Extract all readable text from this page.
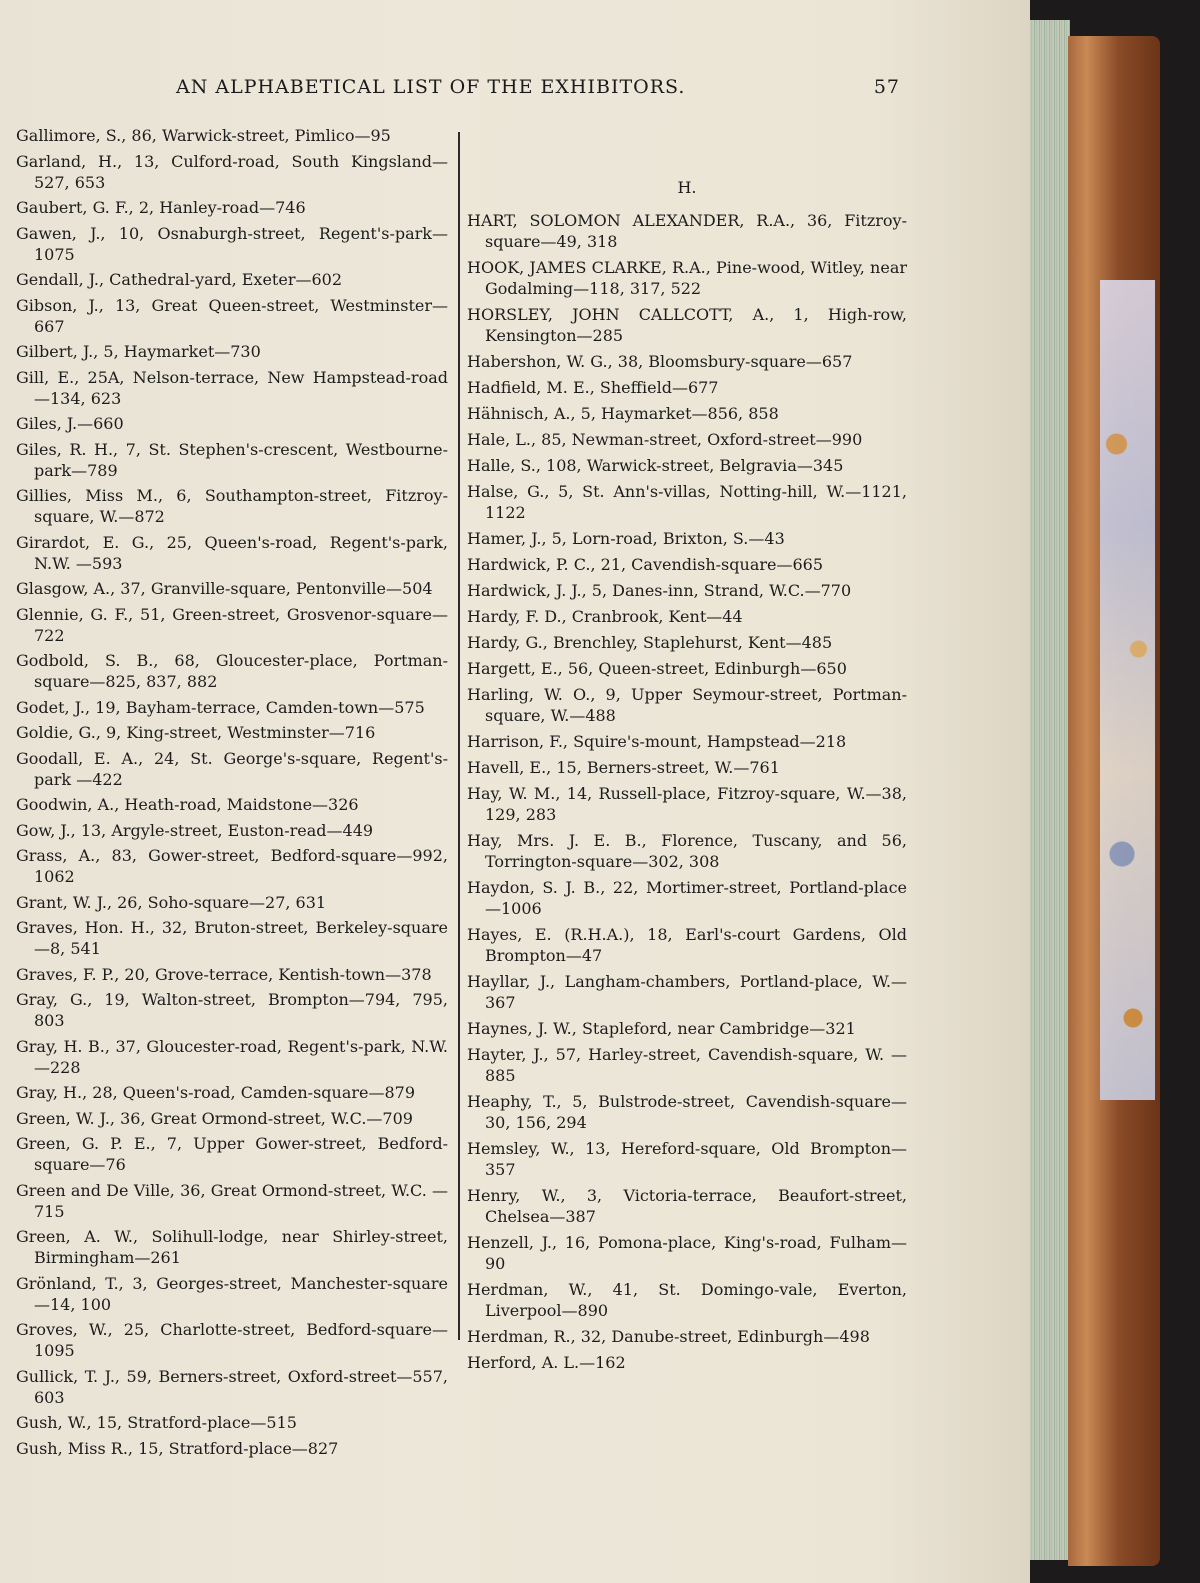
AN ALPHABETICAL LIST OF THE EXHIBITORS.	57
Gallimore, S., 86, Warwick-street, Pimlico—95
Garland, H., 13, Culford-road, South Kingsland—527, 653
Gaubert, G. F., 2, Hanley-road—746
Gawen, J., 10, Osnaburgh-street, Regent's-park—1075
Gendall, J., Cathedral-yard, Exeter—602
Gibson, J., 13, Great Queen-street, Westminster—667
Gilbert, J., 5, Haymarket—730
Gill, E., 25A, Nelson-terrace, New Hampstead-road—134, 623
Giles, J.—660
Giles, R. H., 7, St. Stephen's-crescent, Westbourne-park—789
Gillies, Miss M., 6, Southampton-street, Fitzroy-square, W.—872
Girardot, E. G., 25, Queen's-road, Regent's-park, N.W. —593
Glasgow, A., 37, Granville-square, Pentonville—504
Glennie, G. F., 51, Green-street, Grosvenor-square—722
Godbold, S. B., 68, Gloucester-place, Portman-square—825, 837, 882
Godet, J., 19, Bayham-terrace, Camden-town—575
Goldie, G., 9, King-street, Westminster—716
Goodall, E. A., 24, St. George's-square, Regent's-park —422
Goodwin, A., Heath-road, Maidstone—326
Gow, J., 13, Argyle-street, Euston-read—449
Grass, A., 83, Gower-street, Bedford-square—992, 1062
Grant, W. J., 26, Soho-square—27, 631
Graves, Hon. H., 32, Bruton-street, Berkeley-square—8, 541
Graves, F. P., 20, Grove-terrace, Kentish-town—378
Gray, G., 19, Walton-street, Brompton—794, 795, 803
Gray, H. B., 37, Gloucester-road, Regent's-park, N.W.—228
Gray, H., 28, Queen's-road, Camden-square—879
Green, W. J., 36, Great Ormond-street, W.C.—709
Green, G. P. E., 7, Upper Gower-street, Bedford-square—76
Green and De Ville, 36, Great Ormond-street, W.C. —715
Green, A. W., Solihull-lodge, near Shirley-street, Birmingham—261
Grönland, T., 3, Georges-street, Manchester-square—14, 100
Groves, W., 25, Charlotte-street, Bedford-square—1095
Gullick, T. J., 59, Berners-street, Oxford-street—557, 603
Gush, W., 15, Stratford-place—515
Gush, Miss R., 15, Stratford-place—827
H.
HART, SOLOMON ALEXANDER, R.A., 36, Fitzroy-square—49, 318
HOOK, JAMES CLARKE, R.A., Pine-wood, Witley, near Godalming—118, 317, 522
HORSLEY, JOHN CALLCOTT, A., 1, High-row, Kensington—285
Habershon, W. G., 38, Bloomsbury-square—657
Hadfield, M. E., Sheffield—677
Hähnisch, A., 5, Haymarket—856, 858
Hale, L., 85, Newman-street, Oxford-street—990
Halle, S., 108, Warwick-street, Belgravia—345
Halse, G., 5, St. Ann's-villas, Notting-hill, W.—1121, 1122
Hamer, J., 5, Lorn-road, Brixton, S.—43
Hardwick, P. C., 21, Cavendish-square—665
Hardwick, J. J., 5, Danes-inn, Strand, W.C.—770
Hardy, F. D., Cranbrook, Kent—44
Hardy, G., Brenchley, Staplehurst, Kent—485
Hargett, E., 56, Queen-street, Edinburgh—650
Harling, W. O., 9, Upper Seymour-street, Portman-square, W.—488
Harrison, F., Squire's-mount, Hampstead—218
Havell, E., 15, Berners-street, W.—761
Hay, W. M., 14, Russell-place, Fitzroy-square, W.—38, 129, 283
Hay, Mrs. J. E. B., Florence, Tuscany, and 56, Torrington-square—302, 308
Haydon, S. J. B., 22, Mortimer-street, Portland-place —1006
Hayes, E. (R.H.A.), 18, Earl's-court Gardens, Old Brompton—47
Hayllar, J., Langham-chambers, Portland-place, W.—367
Haynes, J. W., Stapleford, near Cambridge—321
Hayter, J., 57, Harley-street, Cavendish-square, W. —885
Heaphy, T., 5, Bulstrode-street, Cavendish-square—30, 156, 294
Hemsley, W., 13, Hereford-square, Old Brompton—357
Henry, W., 3, Victoria-terrace, Beaufort-street, Chelsea—387
Henzell, J., 16, Pomona-place, King's-road, Fulham—90
Herdman, W., 41, St. Domingo-vale, Everton, Liverpool—890
Herdman, R., 32, Danube-street, Edinburgh—498
Herford, A. L.—162
